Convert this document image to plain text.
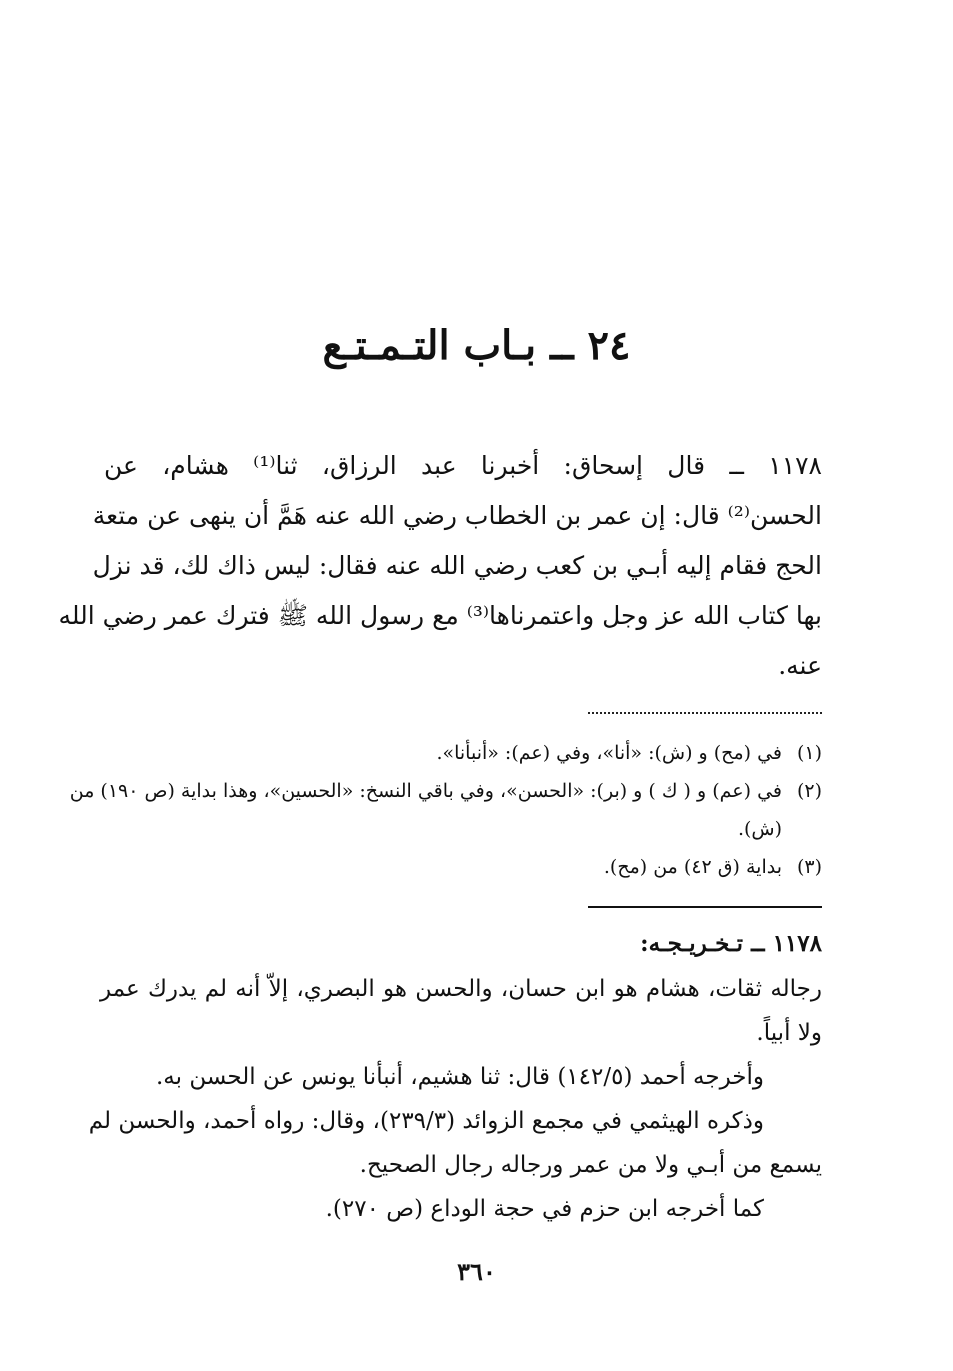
٢٤ ــ بـاب التـمـتـع
١١٧٨ ــ قال إسحاق: أخبرنا عبد الرزاق، ثنا⁽¹⁾ هشام، عن
الحسن⁽²⁾ قال: إن عمر بن الخطاب رضي الله عنه هَمَّ أن ينهى عن متعة
الحج فقام إليه أبـي بن كعب رضي الله عنه فقال: ليس ذاك لك، قد نزل
بها كتاب الله عز وجل واعتمرناها⁽³⁾ مع رسول الله ﷺ فترك عمر رضي الله
عنه.
(١)في (مح) و (ش): «أنا»، وفي (عم): «أنبأنا».
(٢)في (عم) و ( ك ) و (بر): «الحسن»، وفي باقي النسخ: «الحسين»، وهذا بداية (ص ١٩٠) من
(ش).
(٣)بداية (ق ٤٢) من (مح).
١١٧٨ ــ تـخـريـجـه:
رجاله ثقات، هشام هو ابن حسان، والحسن هو البصري، إلاّ أنه لم يدرك عمر
ولا أبياً.
وأخرجه أحمد (١٤٢/٥) قال: ثنا هشيم، أنبأنا يونس عن الحسن به.
وذكره الهيثمي في مجمع الزوائد (٢٣٩/٣)، وقال: رواه أحمد، والحسن لم
يسمع من أبـي ولا من عمر ورجاله رجال الصحيح.
كما أخرجه ابن حزم في حجة الوداع (ص ٢٧٠).
٣٦٠
